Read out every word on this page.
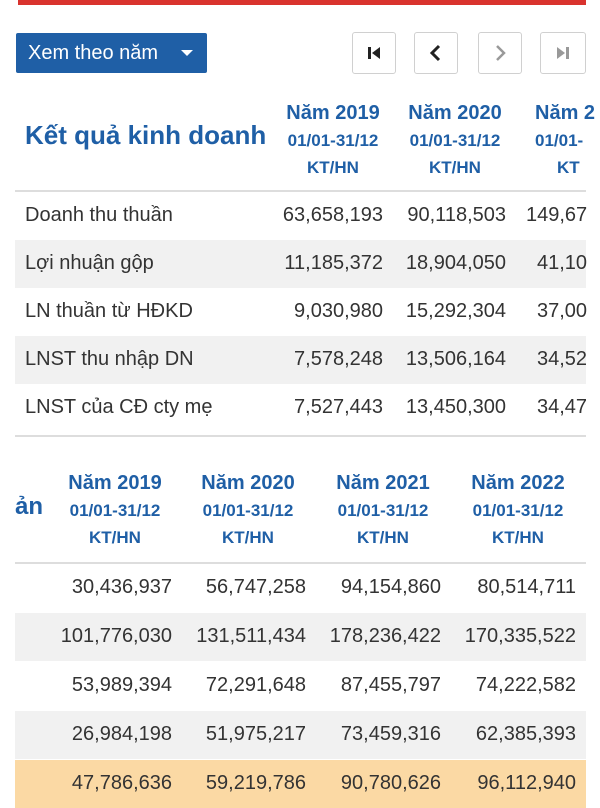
Xem theo năm
Kết quả kinh doanh
Năm 2019
01/01-31/12
KT/HN
Năm 2020
01/01-31/12
KT/HN
Năm 2
01/01-
KT
Doanh thu thuần	63,658,193 90,118,503 149,67
Lợi nhuận gộp	11,185,372 18,904,050 41,10
LN thuần từ HĐKD	9,030,980 15,292,304 37,00
LNST thu nhập DN	7,578,248 13,506,164 34,52
LNST của CĐ cty mẹ	7,527,443 13,450,300 34,47
ản
Năm 2019
01/01-31/12
KT/HN
Năm 2020
01/01-31/12
KT/HN
Năm 2021
01/01-31/12
KT/HN
Năm 2022
01/01-31/12
KT/HN
30,436,937 56,747,258 94,154,860 80,514,711
101,776,030 131,511,434 178,236,422 170,335,522
53,989,394 72,291,648 87,455,797 74,222,582
26,984,198 51,975,217 73,459,316 62,385,393
47,786,636 59,219,786 90,780,626 96,112,940
